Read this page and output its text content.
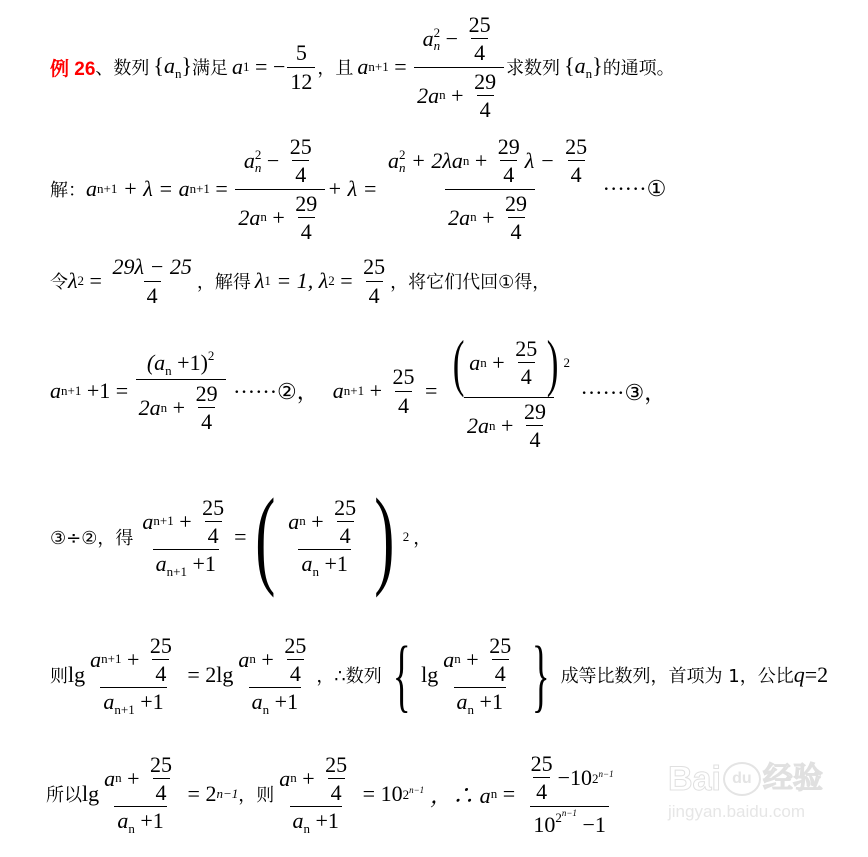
例 26 、 数列 $\{a_n\}$ 满足 a 1 = − $\frac{5}{12}$ ，且 a n+1 = a 2
$n - \frac{25}{4}$
2a $n + \frac{29}{4}$ 求数列 $\{a_n\}$ 的通项。
解： a n+1 + λ = a n+1 = a 2
$n - \frac{25}{4}$
2a $n + \frac{29}{4} + \lambda = a$ 2
n + 2λa $n + \frac{29}{4}$ $\lambda - \frac{25}{4}$
2a $n + \frac{29}{4}$ ······①
令 λ $2 = \frac{29\lambda - 25}{4}$ ，解得 λ 1 = 1, λ $2 = \frac{25}{4}$ ，将它们代回①得，
a $n+1 +1 = \frac{(a_n +1)^2}{2a n + \frac{29}{4}}$ ······②， a $n+1 + \frac{25}{4} = \frac{( a n + \frac{25}{4} ) 2}{2a n + \frac{29}{4}}$ ······③，
③÷②，得 $\frac{a n+1 + \frac{25}{4}}{a_{n+1} +1}$ = ( $\frac{a n + \frac{25}{4}}{a_n +1}$ ) 2 ，
则 $\lg \frac{a n+1 + \frac{25}{4}}{a_{n+1} +1} = 2\lg \frac{a n + \frac{25}{4}}{a_n +1}$ ，∴数列 { $\lg \frac{a n + \frac{25}{4}}{a_n +1}$ } 成等比数列，首项为 1，公比 q =2
所以 $\lg \frac{a n + \frac{25}{4}}{a_n +1} = 2$ n−1 ，则 $\frac{a n + \frac{25}{4}}{a_n +1} = 10$ $2^{n-1}$ ，∴ a $n = \frac{\frac{25}{4} -10 2^{n-1}}{10^{2^{n-1}} -1}$ Bai du 经验
jingyan.baidu.com
